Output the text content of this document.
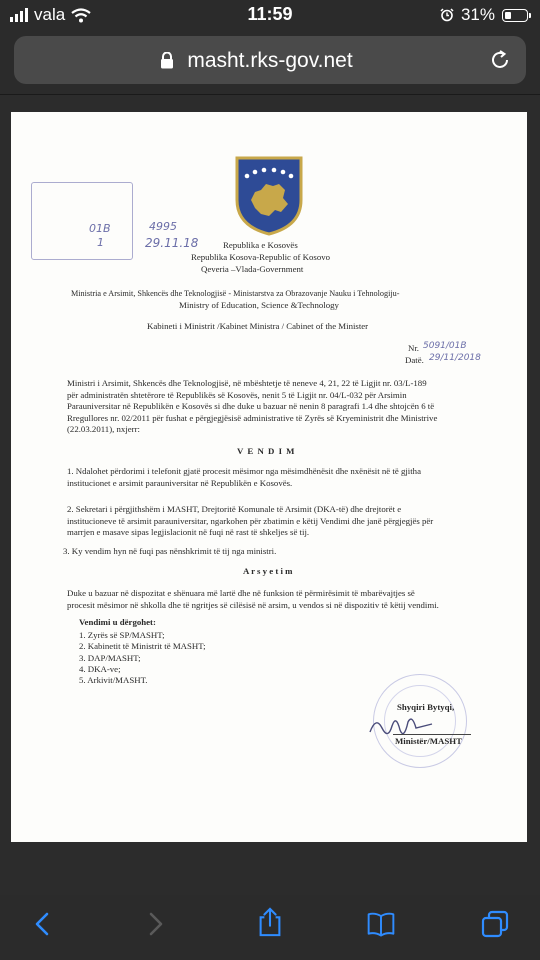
vala	11:59	31%
masht.rks-gov.net
01B	4995
1	29.11.18	Republika e Kosovës
Republika Kosova-Republic of Kosovo
Qeveria –Vlada-Government
Ministria e Arsimit, Shkencës dhe Teknologjisë - Ministarstva za Obrazovanje Nauku i Tehnologiju-
Ministry of Education, Science &Technology
Kabineti i Ministrit /Kabinet Ministra / Cabinet of the Minister
Nr. 5091/01B
Datë. 29/11/2018
Ministri i Arsimit, Shkencës dhe Teknologjisë, në mbështetje të neneve 4, 21, 22 të Ligjit nr. 03/L-189
për administratën shtetërore të Republikës së Kosovës, nenit 5 të Ligjit nr. 04/L-032 për Arsimin
Parauniversitar në Republikën e Kosovës si dhe duke u bazuar në nenin 8 paragrafi 1.4 dhe shtojcën 6 të
Rregullores nr. 02/2011 për fushat e përgjegjësisë administrative të Zyrës së Kryeministrit dhe Ministrive
(22.03.2011), nxjerr:
V E N D I M
1. Ndalohet përdorimi i telefonit gjatë procesit mësimor nga mësimdhënësit dhe nxënësit në të gjitha
institucionet e arsimit parauniversitar në Republikën e Kosovës.
2. Sekretari i përgjithshëm i MASHT, Drejtoritë Komunale të Arsimit (DKA-të) dhe drejtorët e
institucioneve të arsimit parauniversitar, ngarkohen për zbatimin e këtij Vendimi dhe janë përgjegjës për
marrjen e masave sipas legjislacionit në fuqi në rast të shkeljes së tij.
3. Ky vendim hyn në fuqi pas nënshkrimit të tij nga ministri.
A r s y e t i m
Duke u bazuar në dispozitat e shënuara më lartë dhe në funksion të përmirësimit të mbarëvajtjes së
procesit mësimor në shkolla dhe të ngritjes së cilësisë në arsim, u vendos si në dispozitiv të këtij vendimi.
Vendimi u dërgohet:
1. Zyrës së SP/MASHT;
2. Kabinetit të Ministrit të MASHT;
3. DAP/MASHT;
4. DKA-ve;
5. Arkivit/MASHT.
Shyqiri Bytyqi,
Ministër/MASHT
